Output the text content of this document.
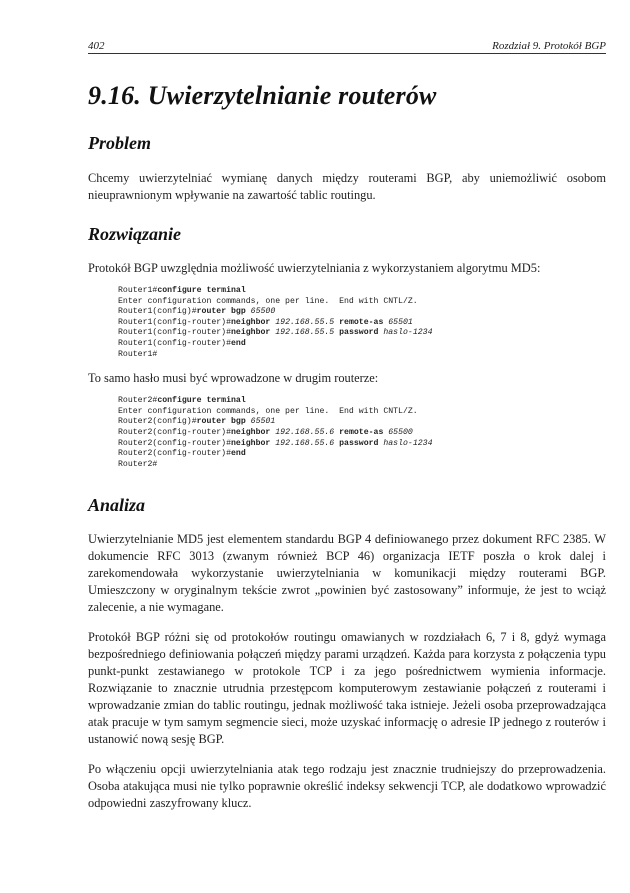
402	Rozdział 9. Protokół BGP
9.16. Uwierzytelnianie routerów
Problem

Chcemy uwierzytelniać wymianę danych między routerami BGP, aby uniemożliwić osobom nieuprawnionym wpływanie na zawartość tablic routingu.

Rozwiązanie

Protokół BGP uwzględnia możliwość uwierzytelniania z wykorzystaniem algorytmu MD5:

Router1#configure terminal
Enter configuration commands, one per line.  End with CNTL/Z.
Router1(config)#router bgp 65500
Router1(config-router)#neighbor 192.168.55.5 remote-as 65501
Router1(config-router)#neighbor 192.168.55.5 password haslo-1234
Router1(config-router)#end
Router1#

To samo hasło musi być wprowadzone w drugim routerze:

Router2#configure terminal
Enter configuration commands, one per line.  End with CNTL/Z.
Router2(config)#router bgp 65501
Router2(config-router)#neighbor 192.168.55.6 remote-as 65500
Router2(config-router)#neighbor 192.168.55.6 password haslo-1234
Router2(config-router)#end
Router2#
Analiza

Uwierzytelnianie MD5 jest elementem standardu BGP 4 definiowanego przez dokument RFC 2385. W dokumencie RFC 3013 (zwanym również BCP 46) organizacja IETF poszła o krok dalej i zarekomendowała wykorzystanie uwierzytelniania w komunikacji między routerami BGP. Umieszczony w oryginalnym tekście zwrot „powinien być zastosowany” informuje, że jest to wciąż zalecenie, a nie wymagane.

Protokół BGP różni się od protokołów routingu omawianych w rozdziałach 6, 7 i 8, gdyż wymaga bezpośredniego definiowania połączeń między parami urządzeń. Każda para korzysta z połączenia typu punkt-punkt zestawianego w protokole TCP i za jego pośrednictwem wymienia informacje. Rozwiązanie to znacznie utrudnia przestępcom komputerowym zestawianie połączeń z routerami i wprowadzanie zmian do tablic routingu, jednak możliwość taka istnieje. Jeżeli osoba przeprowadzająca atak pracuje w tym samym segmencie sieci, może uzyskać informację o adresie IP jednego z routerów i ustanowić nową sesję BGP.

Po włączeniu opcji uwierzytelniania atak tego rodzaju jest znacznie trudniejszy do przeprowadzenia. Osoba atakująca musi nie tylko poprawnie określić indeksy sekwencji TCP, ale dodatkowo wprowadzić odpowiedni zaszyfrowany klucz.
